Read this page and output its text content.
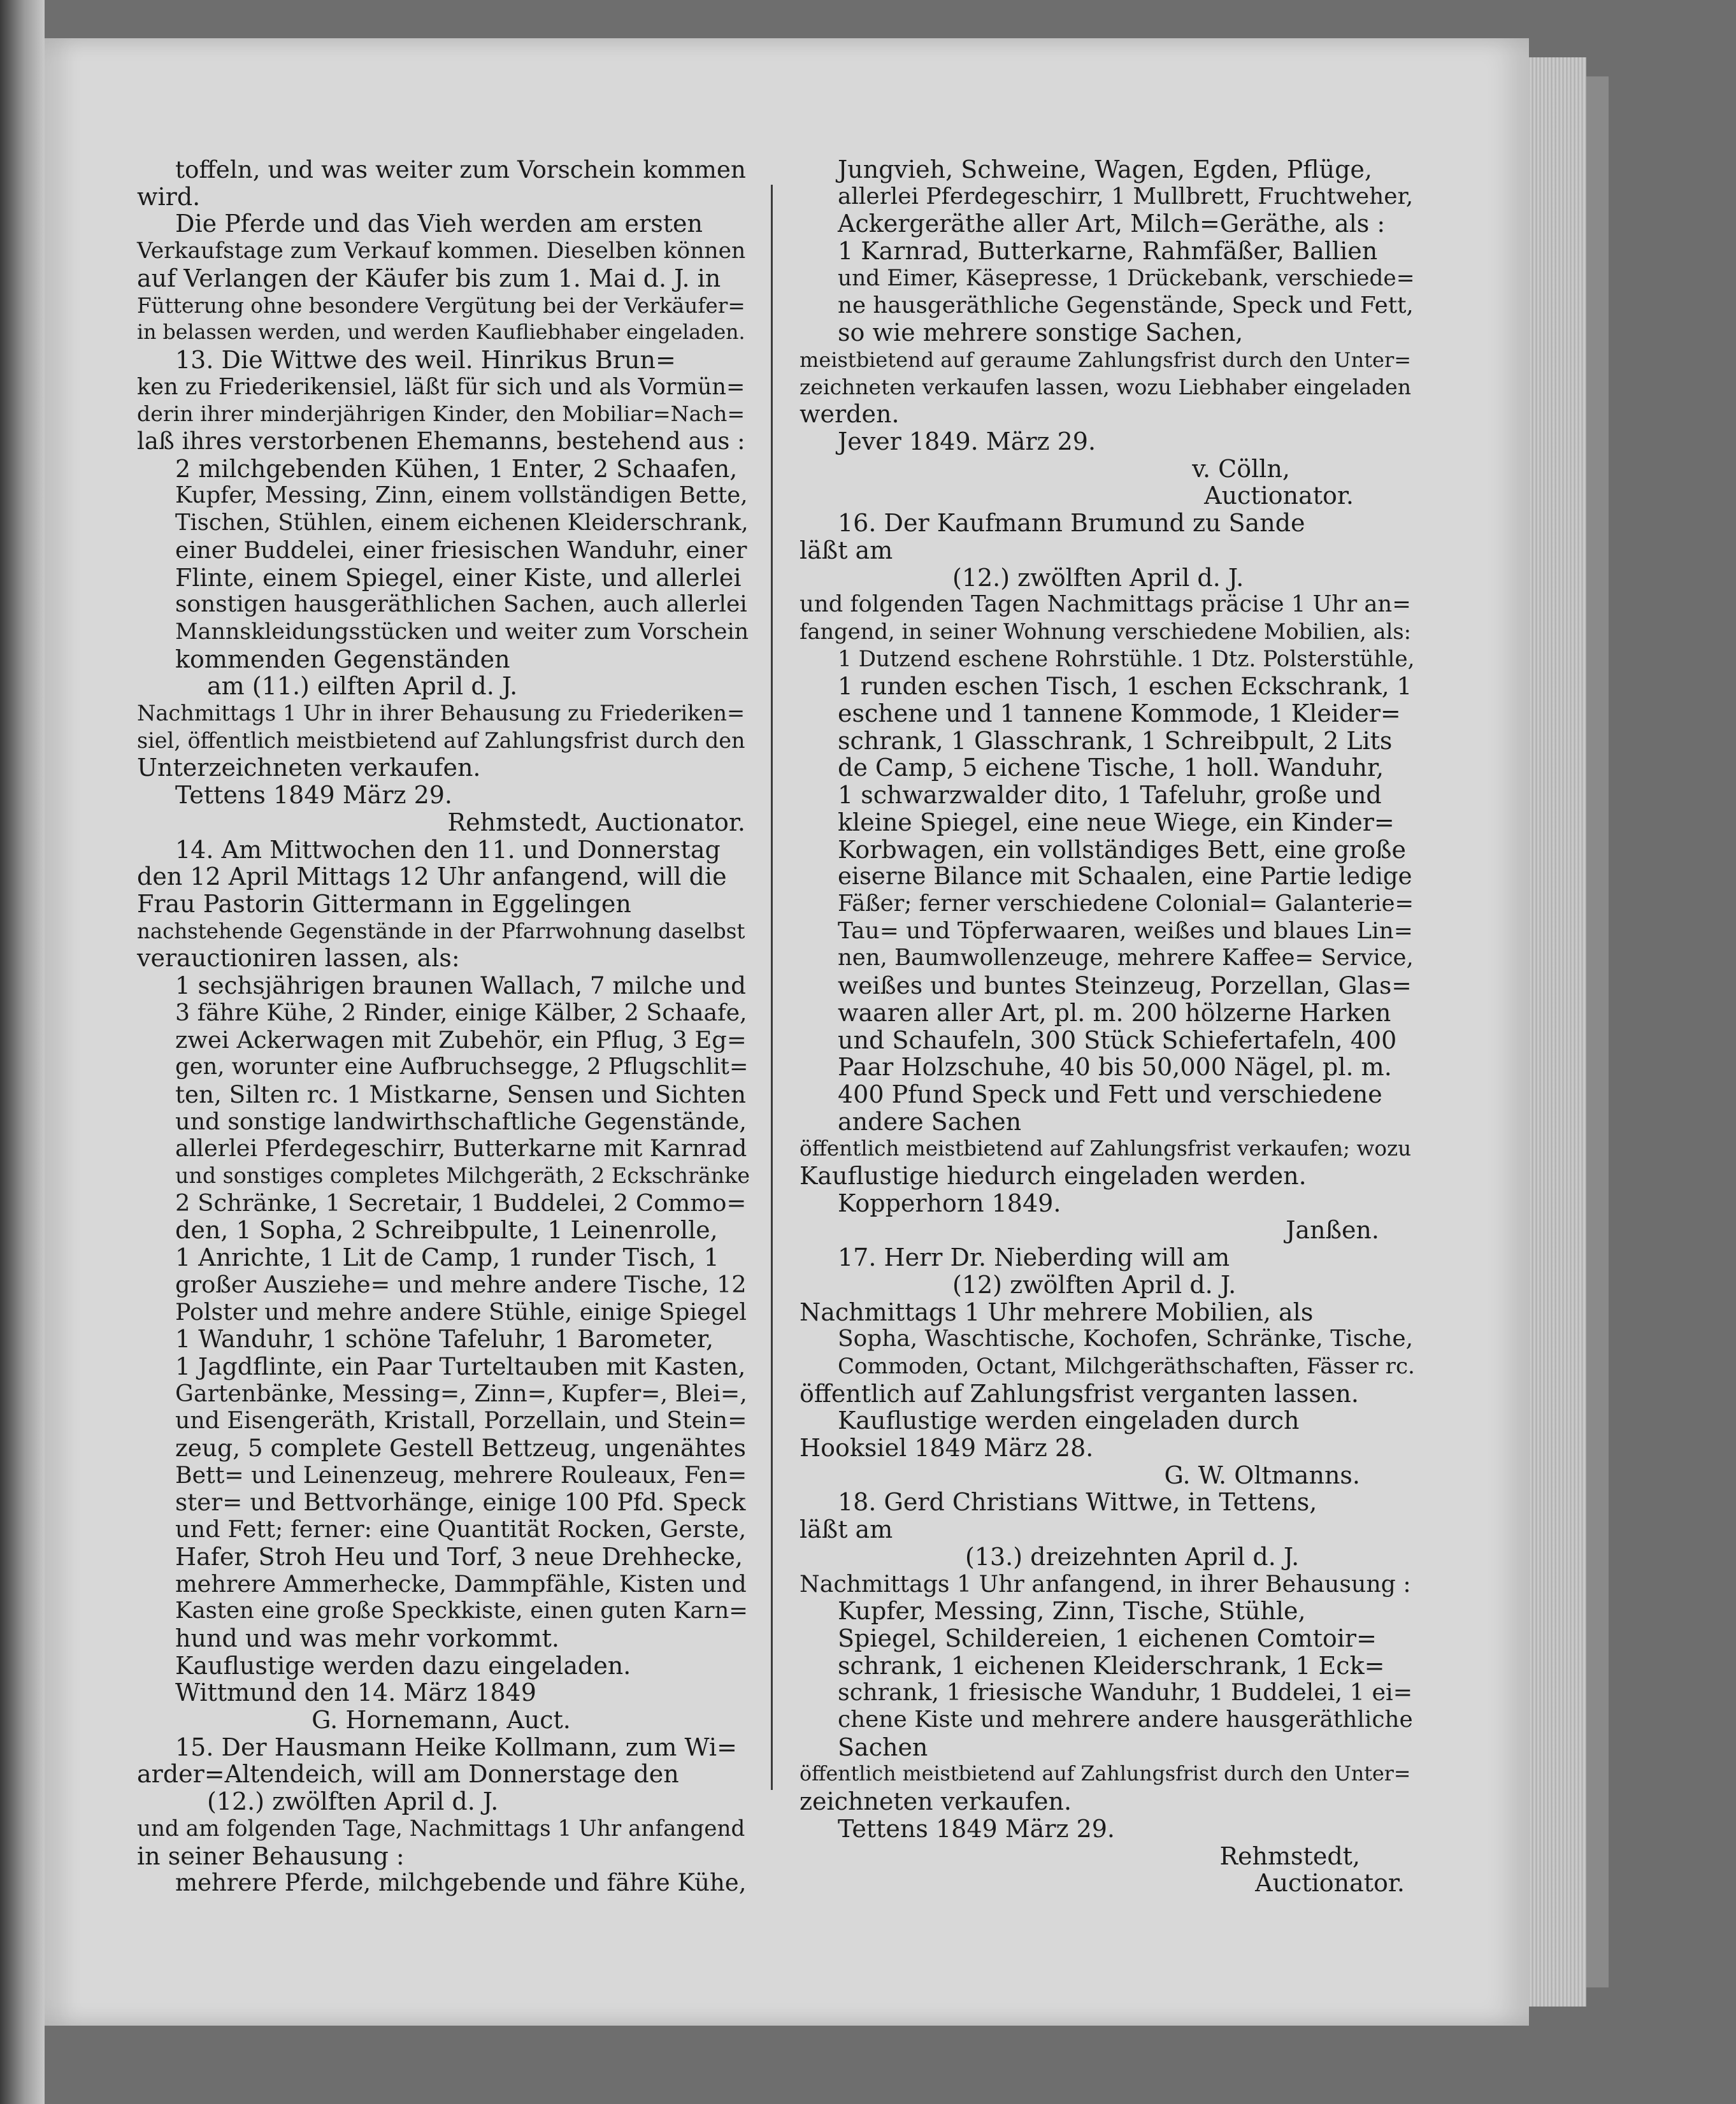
toffeln, und was weiter zum Vorschein kommen
wird.
Die Pferde und das Vieh werden am ersten
Verkaufstage zum Verkauf kommen. Dieselben können
auf Verlangen der Käufer bis zum 1. Mai d. J. in
Fütterung ohne besondere Vergütung bei der Verkäufer=
in belassen werden, und werden Kaufliebhaber eingeladen.
13. Die Wittwe des weil. Hinrikus Brun=
ken zu Friederikensiel, läßt für sich und als Vormün=
derin ihrer minderjährigen Kinder, den Mobiliar=Nach=
laß ihres verstorbenen Ehemanns, bestehend aus :
2 milchgebenden Kühen, 1 Enter, 2 Schaafen,
Kupfer, Messing, Zinn, einem vollständigen Bette,
Tischen, Stühlen, einem eichenen Kleiderschrank,
einer Buddelei, einer friesischen Wanduhr, einer
Flinte, einem Spiegel, einer Kiste, und allerlei
sonstigen hausgeräthlichen Sachen, auch allerlei
Mannskleidungsstücken und weiter zum Vorschein
kommenden Gegenständen
am (11.) eilften April d. J.
Nachmittags 1 Uhr in ihrer Behausung zu Friederiken=
siel, öffentlich meistbietend auf Zahlungsfrist durch den
Unterzeichneten verkaufen.
Tettens 1849 März 29.
Rehmstedt, Auctionator.
14. Am Mittwochen den 11. und Donnerstag
den 12 April Mittags 12 Uhr anfangend, will die
Frau Pastorin Gittermann in Eggelingen
nachstehende Gegenstände in der Pfarrwohnung daselbst
verauctioniren lassen, als:
1 sechsjährigen braunen Wallach, 7 milche und
3 fähre Kühe, 2 Rinder, einige Kälber, 2 Schaafe,
zwei Ackerwagen mit Zubehör, ein Pflug, 3 Eg=
gen, worunter eine Aufbruchsegge, 2 Pflugschlit=
ten, Silten rc. 1 Mistkarne, Sensen und Sichten
und sonstige landwirthschaftliche Gegenstände,
allerlei Pferdegeschirr, Butterkarne mit Karnrad
und sonstiges completes Milchgeräth, 2 Eckschränke
2 Schränke, 1 Secretair, 1 Buddelei, 2 Commo=
den, 1 Sopha, 2 Schreibpulte, 1 Leinenrolle,
1 Anrichte, 1 Lit de Camp, 1 runder Tisch, 1
großer Ausziehe= und mehre andere Tische, 12
Polster und mehre andere Stühle, einige Spiegel
1 Wanduhr, 1 schöne Tafeluhr, 1 Barometer,
1 Jagdflinte, ein Paar Turteltauben mit Kasten,
Gartenbänke, Messing=, Zinn=, Kupfer=, Blei=,
und Eisengeräth, Kristall, Porzellain, und Stein=
zeug, 5 complete Gestell Bettzeug, ungenähtes
Bett= und Leinenzeug, mehrere Rouleaux, Fen=
ster= und Bettvorhänge, einige 100 Pfd. Speck
und Fett; ferner: eine Quantität Rocken, Gerste,
Hafer, Stroh Heu und Torf, 3 neue Drehhecke,
mehrere Ammerhecke, Dammpfähle, Kisten und
Kasten eine große Speckkiste, einen guten Karn=
hund und was mehr vorkommt.
Kauflustige werden dazu eingeladen.
Wittmund den 14. März 1849
G. Hornemann, Auct.
15. Der Hausmann Heike Kollmann, zum Wi=
arder=Altendeich, will am Donnerstage den
(12.) zwölften April d. J.
und am folgenden Tage, Nachmittags 1 Uhr anfangend
in seiner Behausung :
mehrere Pferde, milchgebende und fähre Kühe,
Jungvieh, Schweine, Wagen, Egden, Pflüge,
allerlei Pferdegeschirr, 1 Mullbrett, Fruchtweher,
Ackergeräthe aller Art, Milch=Geräthe, als :
1 Karnrad, Butterkarne, Rahmfäßer, Ballien
und Eimer, Käsepresse, 1 Drückebank, verschiede=
ne hausgeräthliche Gegenstände, Speck und Fett,
so wie mehrere sonstige Sachen,
meistbietend auf geraume Zahlungsfrist durch den Unter=
zeichneten verkaufen lassen, wozu Liebhaber eingeladen
werden.
Jever 1849. März 29.
v. Cölln,
Auctionator.
16. Der Kaufmann Brumund zu Sande
läßt am
(12.) zwölften April d. J.
und folgenden Tagen Nachmittags präcise 1 Uhr an=
fangend, in seiner Wohnung verschiedene Mobilien, als:
1 Dutzend eschene Rohrstühle. 1 Dtz. Polsterstühle,
1 runden eschen Tisch, 1 eschen Eckschrank, 1
eschene und 1 tannene Kommode, 1 Kleider=
schrank, 1 Glasschrank, 1 Schreibpult, 2 Lits
de Camp, 5 eichene Tische, 1 holl. Wanduhr,
1 schwarzwalder dito, 1 Tafeluhr, große und
kleine Spiegel, eine neue Wiege, ein Kinder=
Korbwagen, ein vollständiges Bett, eine große
eiserne Bilance mit Schaalen, eine Partie ledige
Fäßer; ferner verschiedene Colonial= Galanterie=
Tau= und Töpferwaaren, weißes und blaues Lin=
nen, Baumwollenzeuge, mehrere Kaffee= Service,
weißes und buntes Steinzeug, Porzellan, Glas=
waaren aller Art, pl. m. 200 hölzerne Harken
und Schaufeln, 300 Stück Schiefertafeln, 400
Paar Holzschuhe, 40 bis 50,000 Nägel, pl. m.
400 Pfund Speck und Fett und verschiedene
andere Sachen
öffentlich meistbietend auf Zahlungsfrist verkaufen; wozu
Kauflustige hiedurch eingeladen werden.
Kopperhorn 1849.
Janßen.
17. Herr Dr. Nieberding will am
(12) zwölften April d. J.
Nachmittags 1 Uhr mehrere Mobilien, als
Sopha, Waschtische, Kochofen, Schränke, Tische,
Commoden, Octant, Milchgeräthschaften, Fässer rc.
öffentlich auf Zahlungsfrist verganten lassen.
Kauflustige werden eingeladen durch
Hooksiel 1849 März 28.
G. W. Oltmanns.
18. Gerd Christians Wittwe, in Tettens,
läßt am
(13.) dreizehnten April d. J.
Nachmittags 1 Uhr anfangend, in ihrer Behausung :
Kupfer, Messing, Zinn, Tische, Stühle,
Spiegel, Schildereien, 1 eichenen Comtoir=
schrank, 1 eichenen Kleiderschrank, 1 Eck=
schrank, 1 friesische Wanduhr, 1 Buddelei, 1 ei=
chene Kiste und mehrere andere hausgeräthliche
Sachen
öffentlich meistbietend auf Zahlungsfrist durch den Unter=
zeichneten verkaufen.
Tettens 1849 März 29.
Rehmstedt,
Auctionator.
